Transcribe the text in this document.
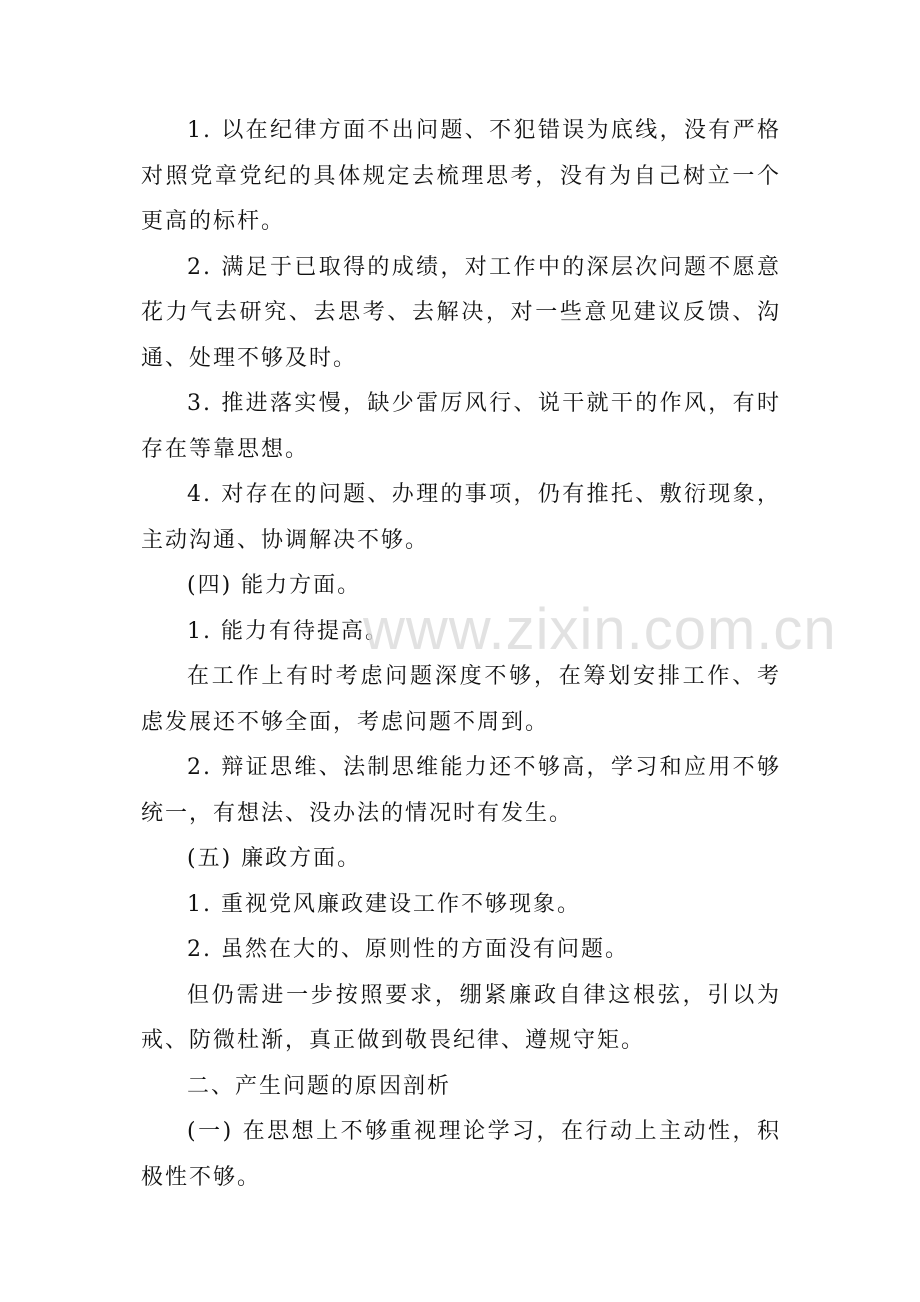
1. 以在纪律方面不出问题、不犯错误为底线，没有严格对照党章党纪的具体规定去梳理思考，没有为自己树立一个更高的标杆。

2. 满足于已取得的成绩，对工作中的深层次问题不愿意花力气去研究、去思考、去解决，对一些意见建议反馈、沟通、处理不够及时。

3. 推进落实慢，缺少雷厉风行、说干就干的作风，有时存在等靠思想。

4. 对存在的问题、办理的事项，仍有推托、敷衍现象，主动沟通、协调解决不够。

(四) 能力方面。

1. 能力有待提高。

在工作上有时考虑问题深度不够，在筹划安排工作、考虑发展还不够全面，考虑问题不周到。

2. 辩证思维、法制思维能力还不够高，学习和应用不够统一，有想法、没办法的情况时有发生。

(五) 廉政方面。

1. 重视党风廉政建设工作不够现象。

2. 虽然在大的、原则性的方面没有问题。

但仍需进一步按照要求，绷紧廉政自律这根弦，引以为戒、防微杜渐，真正做到敬畏纪律、遵规守矩。

二、产生问题的原因剖析

(一) 在思想上不够重视理论学习，在行动上主动性，积极性不够。

www.zixin.com.cn
